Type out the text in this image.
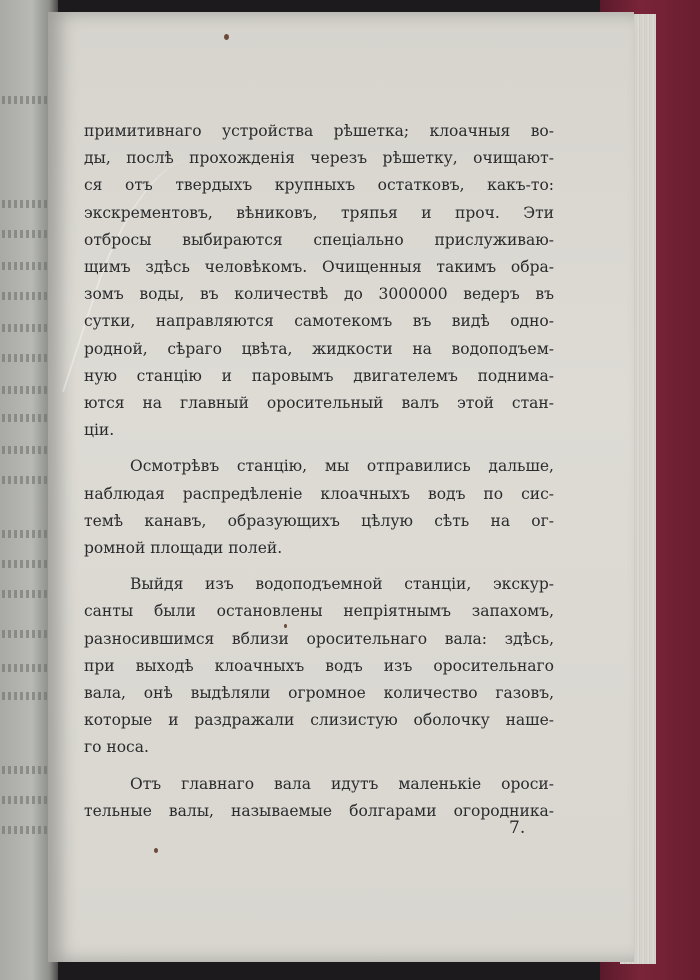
примитивнаго устройства рѣшетка; клоачныя во-
ды, послѣ прохожденія черезъ рѣшетку, очищают-
ся отъ твердыхъ крупныхъ остатковъ, какъ-то:
экскрементовъ, вѣниковъ, тряпья и проч. Эти
отбросы выбираются спеціально прислуживаю-
щимъ здѣсь человѣкомъ. Очищенныя такимъ обра-
зомъ воды, въ количествѣ до 3000000 ведеръ въ
сутки, направляются самотекомъ въ видѣ одно-
родной, сѣраго цвѣта, жидкости на водоподъем-
ную станцію и паровымъ двигателемъ поднима-
ются на главный оросительный валъ этой стан-
ціи.

Осмотрѣвъ станцію, мы отправились дальше,
наблюдая распредѣленіе клоачныхъ водъ по сис-
темѣ канавъ, образующихъ цѣлую сѣть на ог-
ромной площади полей.

Выйдя изъ водоподъемной станціи, экскур-
санты были остановлены непріятнымъ запахомъ,
разносившимся вблизи оросительнаго вала: здѣсь,
при выходѣ клоачныхъ водъ изъ оросительнаго
вала, онѣ выдѣляли огромное количество газовъ,
которые и раздражали слизистую оболочку наше-
го носа.

Отъ главнаго вала идутъ маленькіе ороси-
тельные валы, называемые болгарами огородника-

7.
